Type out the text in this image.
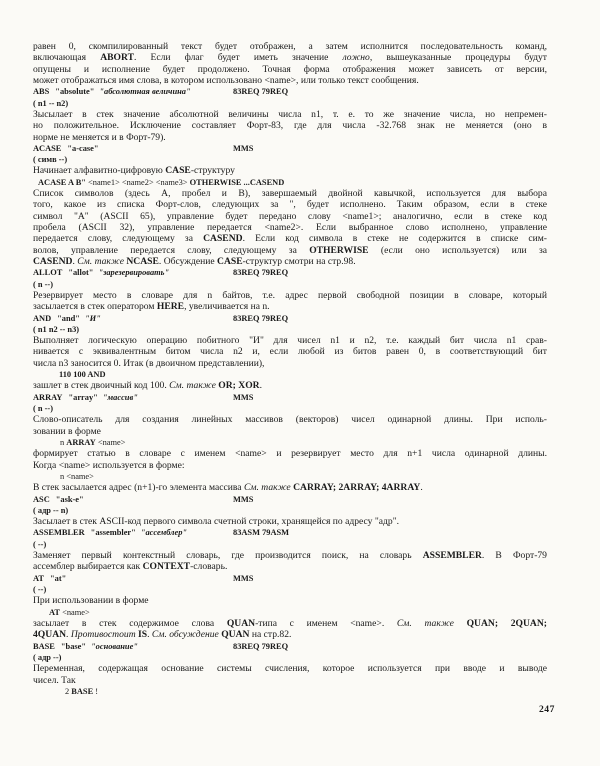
равен 0, скомпилированный текст будет отображен, а затем исполнится последовательность команд,
включающая ABORT. Если флаг будет иметь значение ложно, вышеуказанные процедуры будут
опущены и исполнение будет продолжено. Точная форма отображения может зависеть от версии,
может отображаться имя слова, в котором использовано <name>, или только текст сообщения.
ABS "absolute" "абсолютная величина"	83REQ 79REQ
( n1 -- n2)
Зысылает в стек значение абсолютной величины числа n1, т. е. то же значение числа, но непремен-
но положительное. Исключение составляет Форт-83, где для числа -32.768 знак не меняется (оно в
норме не меняется и в Форт-79).
ACASE "a-case"	MMS
( симв --)
Начинает алфавитно-цифровую CASE-структуру
ACASE A B" <name1> <name2> <name3> OTHERWISE ...CASEND
Список символов (здесь A, пробел и B), завершаемый двойной кавычкой, используется для выбора
того, какое из списка Форт-слов, следующих за ", будет исполнено. Таким образом, если в стеке
символ "A" (ASCII 65), управление будет передано слову <name1>; аналогично, если в стеке код
пробела (ASCII 32), управление передается <name2>. Если выбранное слово исполнено, управление
передается слову, следующему за CASEND. Если код символа в стеке не содержится в списке сим-
волов, управление передается слову, следующему за OTHERWISE (если оно используется) или за
CASEND. См. также NCASE. Обсуждение CASE-структур смотри на стр.98.
ALLOT "allot" "зарезервировать"	83REQ 79REQ
( n --)
Резервирует место в словаре для n байтов, т.е. адрес первой свободной позиции в словаре, который
засылается в стек оператором HERE, увеличивается на n.
AND "and" "И"	83REQ 79REQ
( n1 n2 -- n3)
Выполняет логическую операцию побитного "И" для чисел n1 и n2, т.е. каждый бит числа n1 срав-
нивается с эквивалентным битом числа n2 и, если любой из битов равен 0, в соответствующий бит
числа n3 заносится 0. Итак (в двоичном представлении),
110 100 AND
зашлет в стек двоичный код 100. См. также OR; XOR.
ARRAY "array" "массив"	MMS
( n --)
Слово-описатель для создания линейных массивов (векторов) чисел одинарной длины. При исполь-
зовании в форме
n ARRAY <name>
формирует статью в словаре с именем <name> и резервирует место для n+1 числа одинарной длины.
Когда <name> используется в форме:
n <name>
В стек засылается адрес (n+1)-го элемента массива См. также CARRAY; 2ARRAY; 4ARRAY.
ASC "ask-e"	MMS
( адр -- n)
Засылает в стек ASCII-код первого символа счетной строки, хранящейся по адресу "адр".
ASSEMBLER "assembler" "ассемблер"	83ASM 79ASM
( --)
Заменяет первый контекстный словарь, где производится поиск, на словарь ASSEMBLER. В Форт-79
ассемблер выбирается как CONTEXT-словарь.
AT "at"	MMS
( --)
При использовании в форме
AT <name>
засылает в стек содержимое слова QUAN-типа с именем <name>. См. также QUAN; 2QUAN;
4QUAN. Противостоит IS. См. обсуждение QUAN на стр.82.
BASE "base" "основание"	83REQ 79REQ
( адр --)
Переменная, содержащая основание системы счисления, которое используется при вводе и выводе
чисел. Так
2 BASE !
247
